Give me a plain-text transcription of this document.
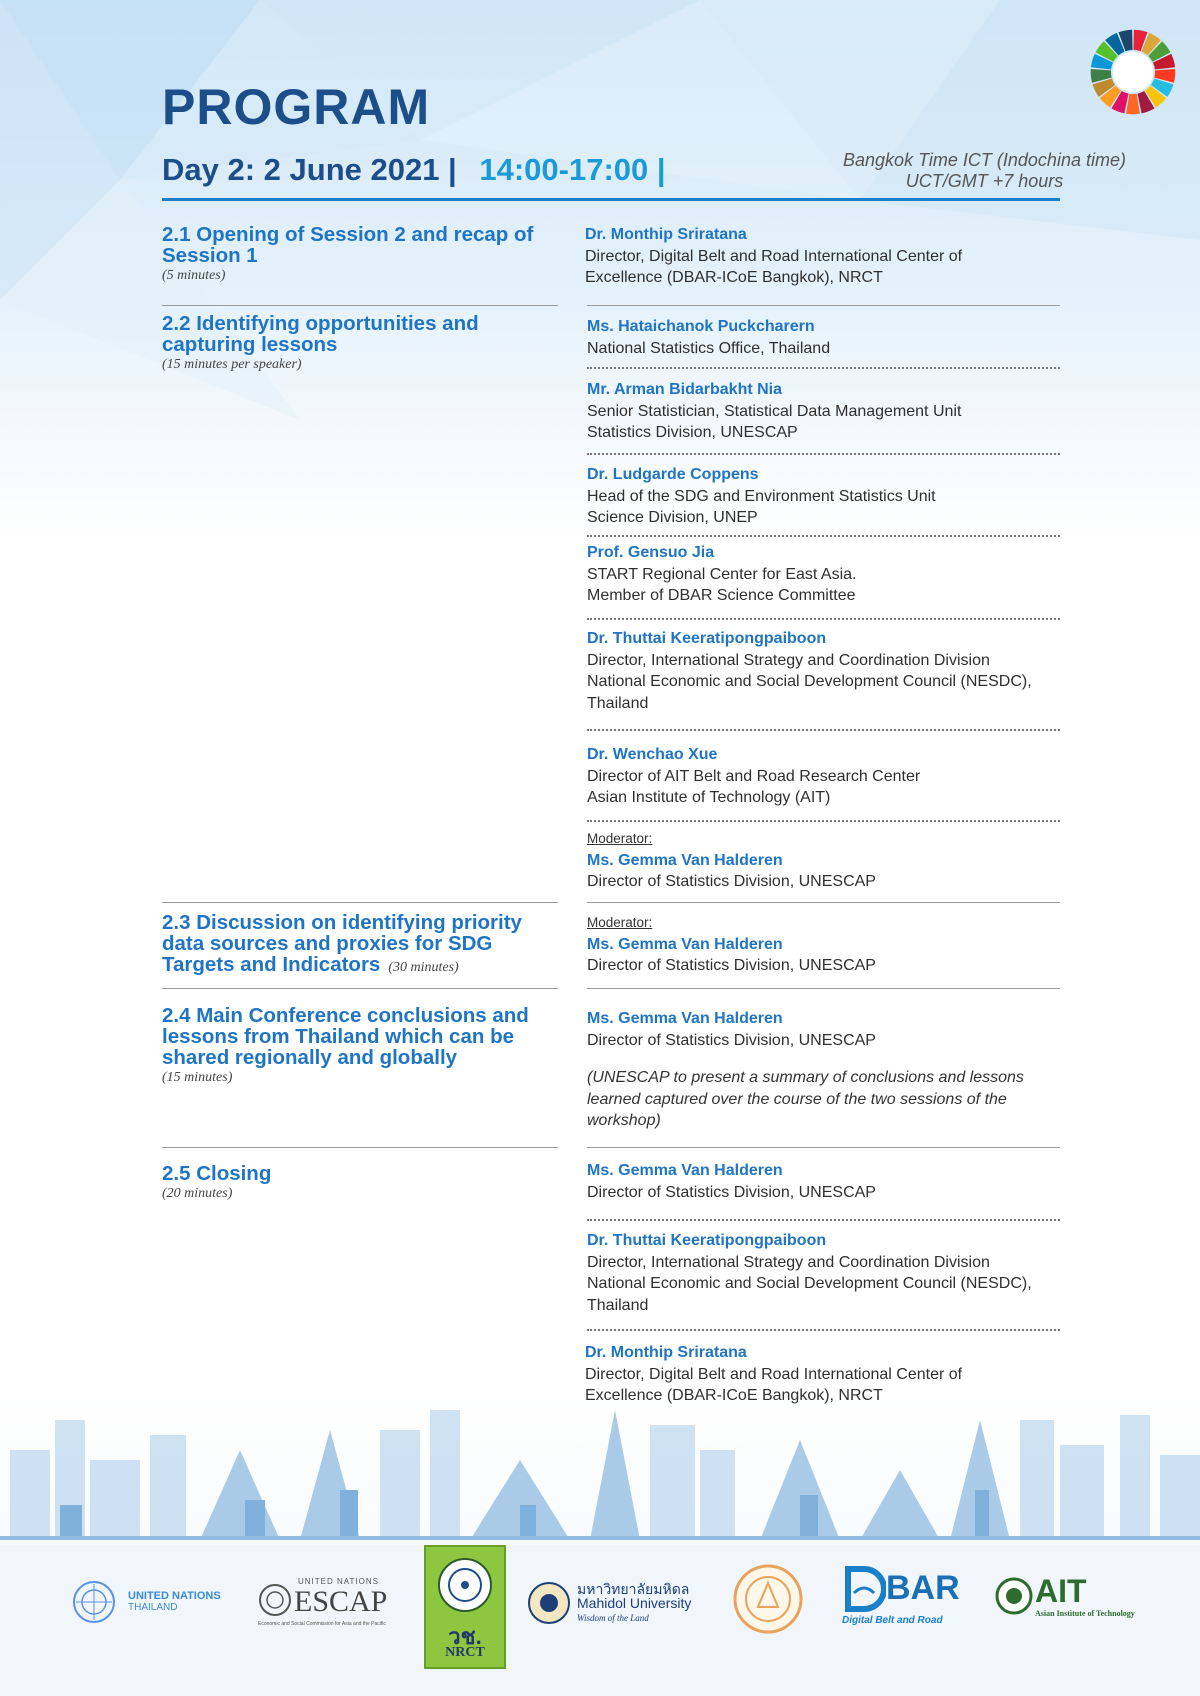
PROGRAM
Day 2: 2 June 2021 | 14:00-17:00 |	Bangkok Time ICT (Indochina time)
UCT/GMT +7 hours
2.1 Opening of Session 2 and recap of Session 1
(5 minutes)
2.2 Identifying opportunities and capturing lessons
(15 minutes per speaker)
2.3 Discussion on identifying priority data sources and proxies for SDG Targets and Indicators (30 minutes)
2.4 Main Conference conclusions and lessons from Thailand which can be shared regionally and globally
(15 minutes)
2.5 Closing
(20 minutes)
Dr. Monthip Sriratana
Director, Digital Belt and Road International Center of
Excellence (DBAR-ICoE Bangkok), NRCT
Ms. Hataichanok Puckcharern
National Statistics Office, Thailand
Mr. Arman Bidarbakht Nia
Senior Statistician, Statistical Data Management Unit
Statistics Division, UNESCAP
Dr. Ludgarde Coppens
Head of the SDG and Environment Statistics Unit
Science Division, UNEP
Prof. Gensuo Jia
START Regional Center for East Asia.
Member of DBAR Science Committee
Dr. Thuttai Keeratipongpaiboon
Director, International Strategy and Coordination Division
National Economic and Social Development Council (NESDC),
Thailand
Dr. Wenchao Xue
Director of AIT Belt and Road Research Center
Asian Institute of Technology (AIT)
Moderator:
Ms. Gemma Van Halderen
Director of Statistics Division, UNESCAP
Moderator:
Ms. Gemma Van Halderen
Director of Statistics Division, UNESCAP
Ms. Gemma Van Halderen
Director of Statistics Division, UNESCAP
(UNESCAP to present a summary of conclusions and lessons learned captured over the course of the two sessions of the workshop)
Ms. Gemma Van Halderen
Director of Statistics Division, UNESCAP
Dr. Thuttai Keeratipongpaiboon
Director, International Strategy and Coordination Division
National Economic and Social Development Council (NESDC),
Thailand
Dr. Monthip Sriratana
Director, Digital Belt and Road International Center of
Excellence (DBAR-ICoE Bangkok), NRCT
UNITED NATIONS
THAILAND
UNITED NATIONS
ESCAP
Economic and Social Commission for Asia and the Pacific	วช.
NRCT
มหาวิทยาลัยมหิดล
Mahidol University
Wisdom of the Land
BAR
Digital Belt and Road
AIT
Asian Institute of Technology
